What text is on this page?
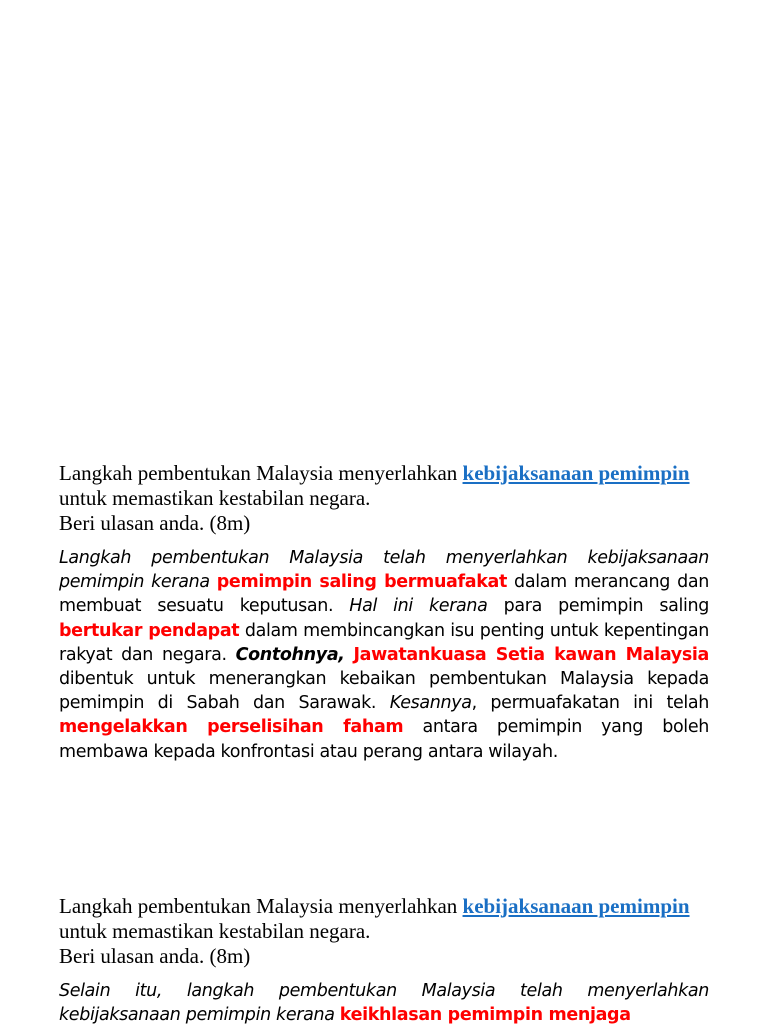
Langkah pembentukan Malaysia menyerlahkan kebijaksanaan pemimpin untuk memastikan kestabilan negara.

Beri ulasan anda. (8m)

Langkah pembentukan Malaysia telah menyerlahkan kebijaksanaan pemimpin kerana pemimpin saling bermuafakat dalam merancang dan membuat sesuatu keputusan. Hal ini kerana para pemimpin saling bertukar pendapat dalam membincangkan isu penting untuk kepentingan rakyat dan negara. Contohnya, Jawatankuasa Setia kawan Malaysia dibentuk untuk menerangkan kebaikan pembentukan Malaysia kepada pemimpin di Sabah dan Sarawak. Kesannya, permuafakatan ini telah mengelakkan perselisihan faham antara pemimpin yang boleh membawa kepada konfrontasi atau perang antara wilayah.

Langkah pembentukan Malaysia menyerlahkan kebijaksanaan pemimpin untuk memastikan kestabilan negara.

Beri ulasan anda. (8m)

Selain itu, langkah pembentukan Malaysia telah menyerlahkan kebijaksanaan pemimpin kerana keikhlasan pemimpin menjaga
